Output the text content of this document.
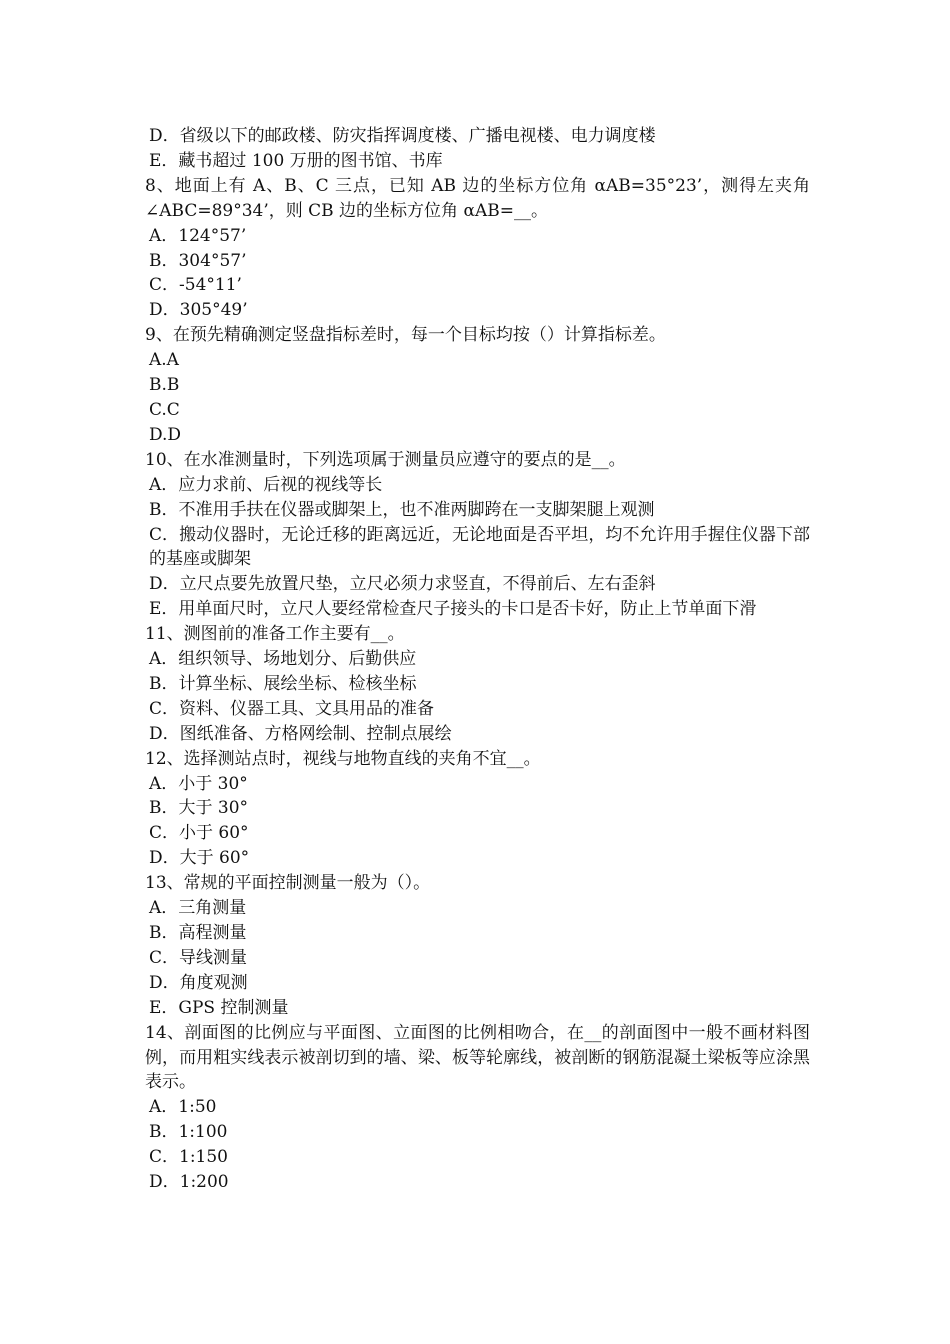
D．省级以下的邮政楼、防灾指挥调度楼、广播电视楼、电力调度楼
E．藏书超过 100 万册的图书馆、书库
8、地面上有 A、B、C 三点，已知 AB 边的坐标方位角 αAB=35°23’，测得左夹角∠ABC=89°34’，则 CB 边的坐标方位角 αAB=__。
A．124°57’
B．304°57’
C．-54°11’
D．305°49’
9、在预先精确测定竖盘指标差时，每一个目标均按（）计算指标差。
A.A
B.B
C.C
D.D
10、在水准测量时，下列选项属于测量员应遵守的要点的是__。
A．应力求前、后视的视线等长
B．不准用手扶在仪器或脚架上，也不准两脚跨在一支脚架腿上观测
C．搬动仪器时，无论迁移的距离远近，无论地面是否平坦，均不允许用手握住仪器下部的基座或脚架
D．立尺点要先放置尺垫，立尺必须力求竖直，不得前后、左右歪斜
E．用单面尺时，立尺人要经常检查尺子接头的卡口是否卡好，防止上节单面下滑
11、测图前的准备工作主要有__。
A．组织领导、场地划分、后勤供应
B．计算坐标、展绘坐标、检核坐标
C．资料、仪器工具、文具用品的准备
D．图纸准备、方格网绘制、控制点展绘
12、选择测站点时，视线与地物直线的夹角不宜__。
A．小于 30°
B．大于 30°
C．小于 60°
D．大于 60°
13、常规的平面控制测量一般为（）。
A．三角测量
B．高程测量
C．导线测量
D．角度观测
E．GPS 控制测量
14、剖面图的比例应与平面图、立面图的比例相吻合，在__的剖面图中一般不画材料图例，而用粗实线表示被剖切到的墙、梁、板等轮廓线，被剖断的钢筋混凝土梁板等应涂黑表示。
A．1:50
B．1:100
C．1:150
D．1:200
